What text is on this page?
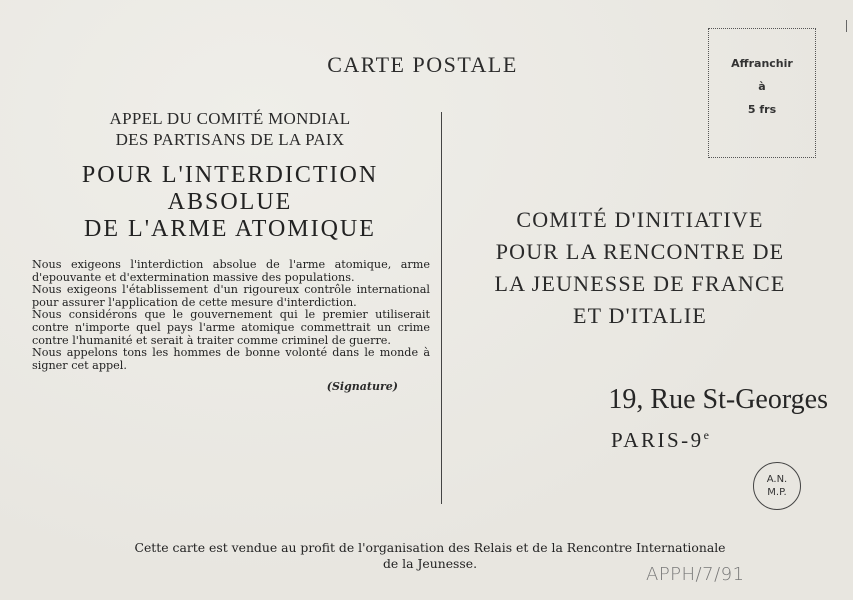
CARTE POSTALE	Affranchir
à
5 frs
APPEL DU COMITÉ MONDIAL
DES PARTISANS DE LA PAIX
POUR L'INTERDICTION
ABSOLUE
DE L'ARME ATOMIQUE

Nous exigeons l'interdiction absolue de l'arme atomique, arme d'epouvante et d'extermination massive des populations.

Nous exigeons l'établissement d'un rigoureux contrôle international pour assurer l'application de cette mesure d'interdiction.

Nous considérons que le gouvernement qui le premier utiliserait contre n'importe quel pays l'arme atomique commettrait un crime contre l'humanité et serait à traiter comme criminel de guerre.

Nous appelons tons les hommes de bonne volonté dans le monde à signer cet appel.

(Signature)
COMITÉ D'INITIATIVE
POUR LA RENCONTRE DE
LA JEUNESSE DE FRANCE
ET D'ITALIE
19, Rue St-Georges
PARIS-9e
A.N.
M.P.
Cette carte est vendue au profit de l'organisation des Relais et de la Rencontre Internationale
de la Jeunesse.
APPH/7/91
